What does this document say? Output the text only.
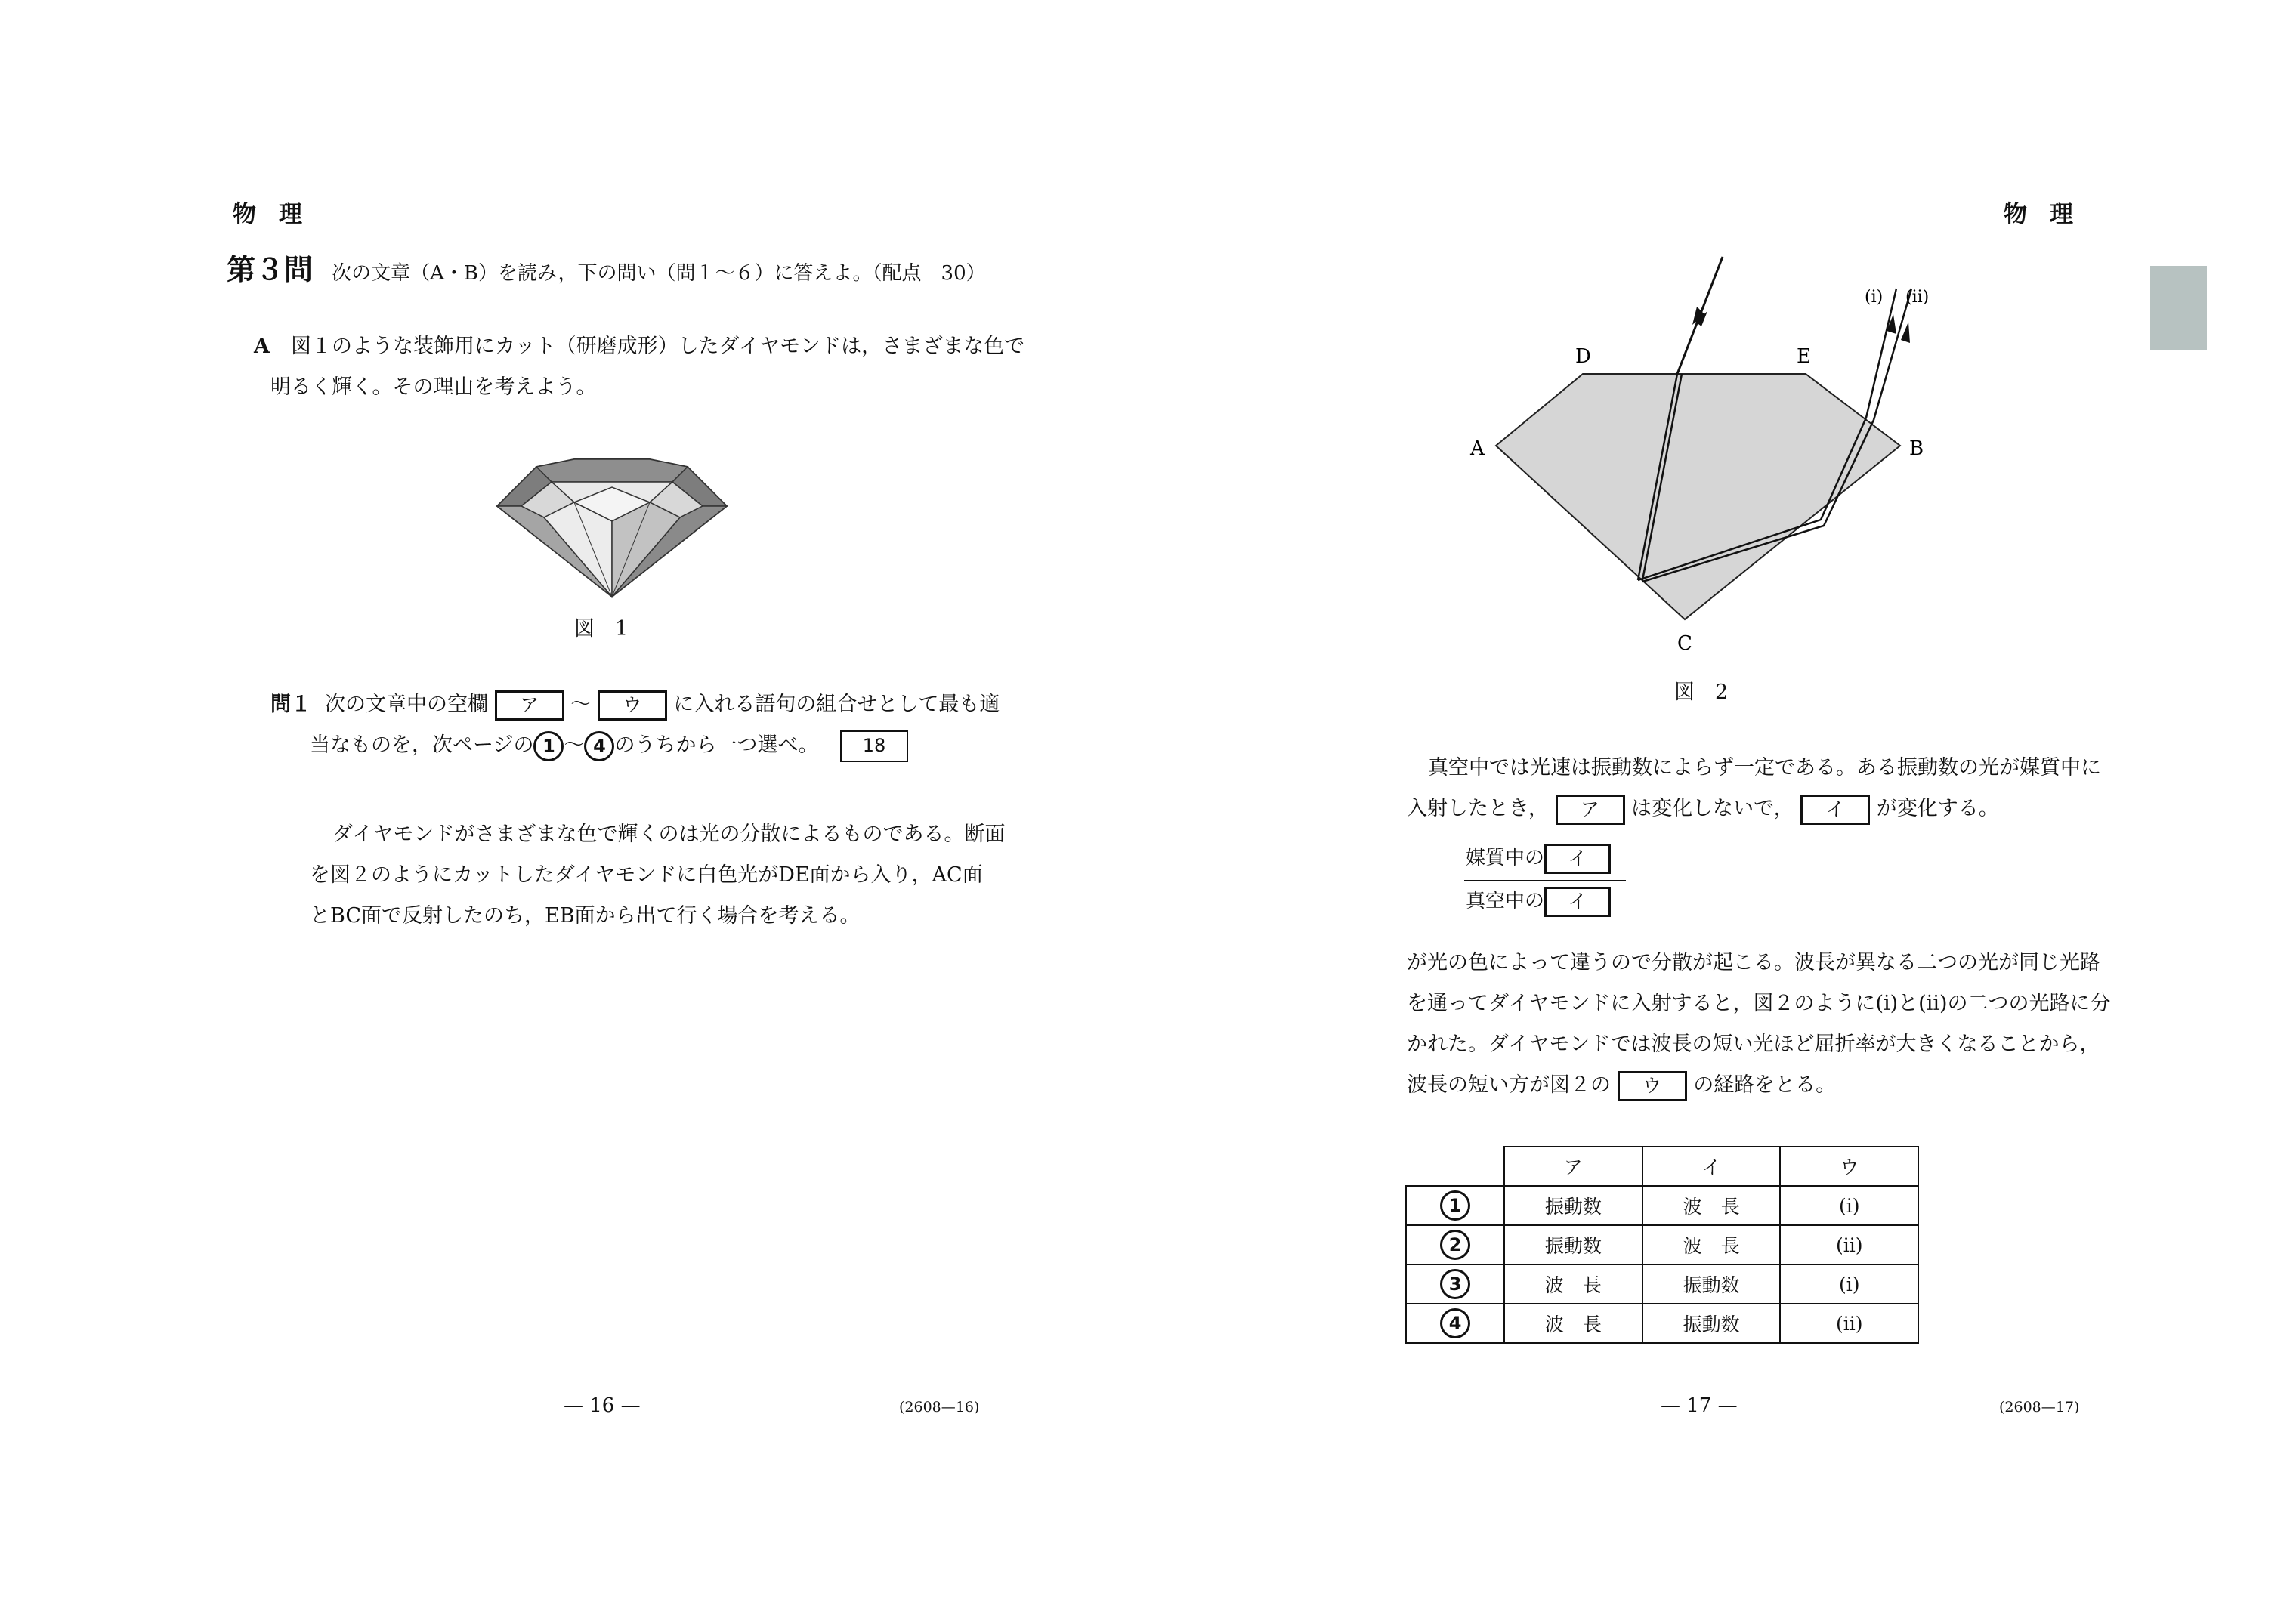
物理
第３問 次の文章（A・B）を読み，下の問い（問１～６）に答えよ。（配点　30）
A 図１のような装飾用にカット（研磨成形）したダイヤモンドは，さまざまな色で
明るく輝く。その理由を考えよう。
図　1
問１ 次の文章中の空欄 ア ～ ウ に入れる語句の組合せとして最も適
当なものを，次ページの 1 ～ 4 のうちから一つ選べ。 18
ダイヤモンドがさまざまな色で輝くのは光の分散によるものである。断面
を図２のようにカットしたダイヤモンドに白色光がDE面から入り，AC面
とBC面で反射したのち，EB面から出て行く場合を考える。
— 16 —	(2608—16)
物理
D	E
A	B
C
(i) (ii)
図　2
真空中では光速は振動数によらず一定である。ある振動数の光が媒質中に
入射したとき， ア は変化しないで， イ が変化する。
媒質中の イ
真空中の イ
が光の色によって違うので分散が起こる。波長が異なる二つの光が同じ光路
を通ってダイヤモンドに入射すると，図２のように(i)と(ii)の二つの光路に分
かれた。ダイヤモンドでは波長の短い光ほど屈折率が大きくなることから，
波長の短い方が図２の ウ の経路をとる。
	ア	イ	ウ
1	振動数	波　長	(i)
2	振動数	波　長	(ii)
3	波　長	振動数	(i)
4	波　長	振動数	(ii)
— 17 —	(2608—17)
